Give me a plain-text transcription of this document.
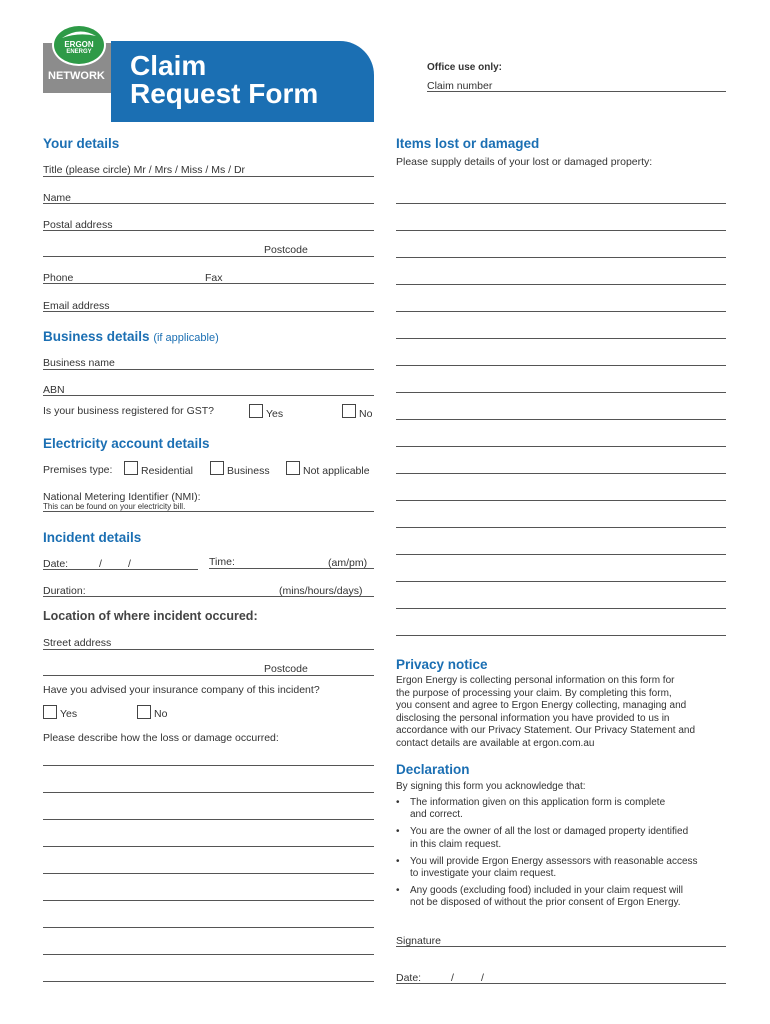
NETWORK
ERGON
ENERGY	Claim
Request Form
Office use only:
Claim number
Your details
Title (please circle) Mr / Mrs / Miss / Ms / Dr
Name
Postal address
Postcode
Phone	Fax
Email address
Business details (if applicable)
Business name
ABN
Is your business registered for GST?	Yes	No
Electricity account details
Premises type:	Residential	Business	Not applicable
National Metering Identifier (NMI):
This can be found on your electricity bill.
Incident details
Date:	/ /	Time:	(am/pm)
Duration:	(mins/hours/days)
Location of where incident occured:
Street address
Postcode
Have you advised your insurance company of this incident?
Yes	No
Please describe how the loss or damage occurred:
Items lost or damaged
Please supply details of your lost or damaged property:
Privacy notice
Ergon Energy is collecting personal information on this form for
the purpose of processing your claim. By completing this form,
you consent and agree to Ergon Energy collecting, managing and
disclosing the personal information you have provided to us in
accordance with our Privacy Statement. Our Privacy Statement and
contact details are available at ergon.com.au
Declaration
By signing this form you acknowledge that:
• The information given on this application form is complete
and correct.
• You are the owner of all the lost or damaged property identified
in this claim request.
• You will provide Ergon Energy assessors with reasonable access
to investigate your claim request.
• Any goods (excluding food) included in your claim request will
not be disposed of without the prior consent of Ergon Energy.
Signature
Date:	/	/
